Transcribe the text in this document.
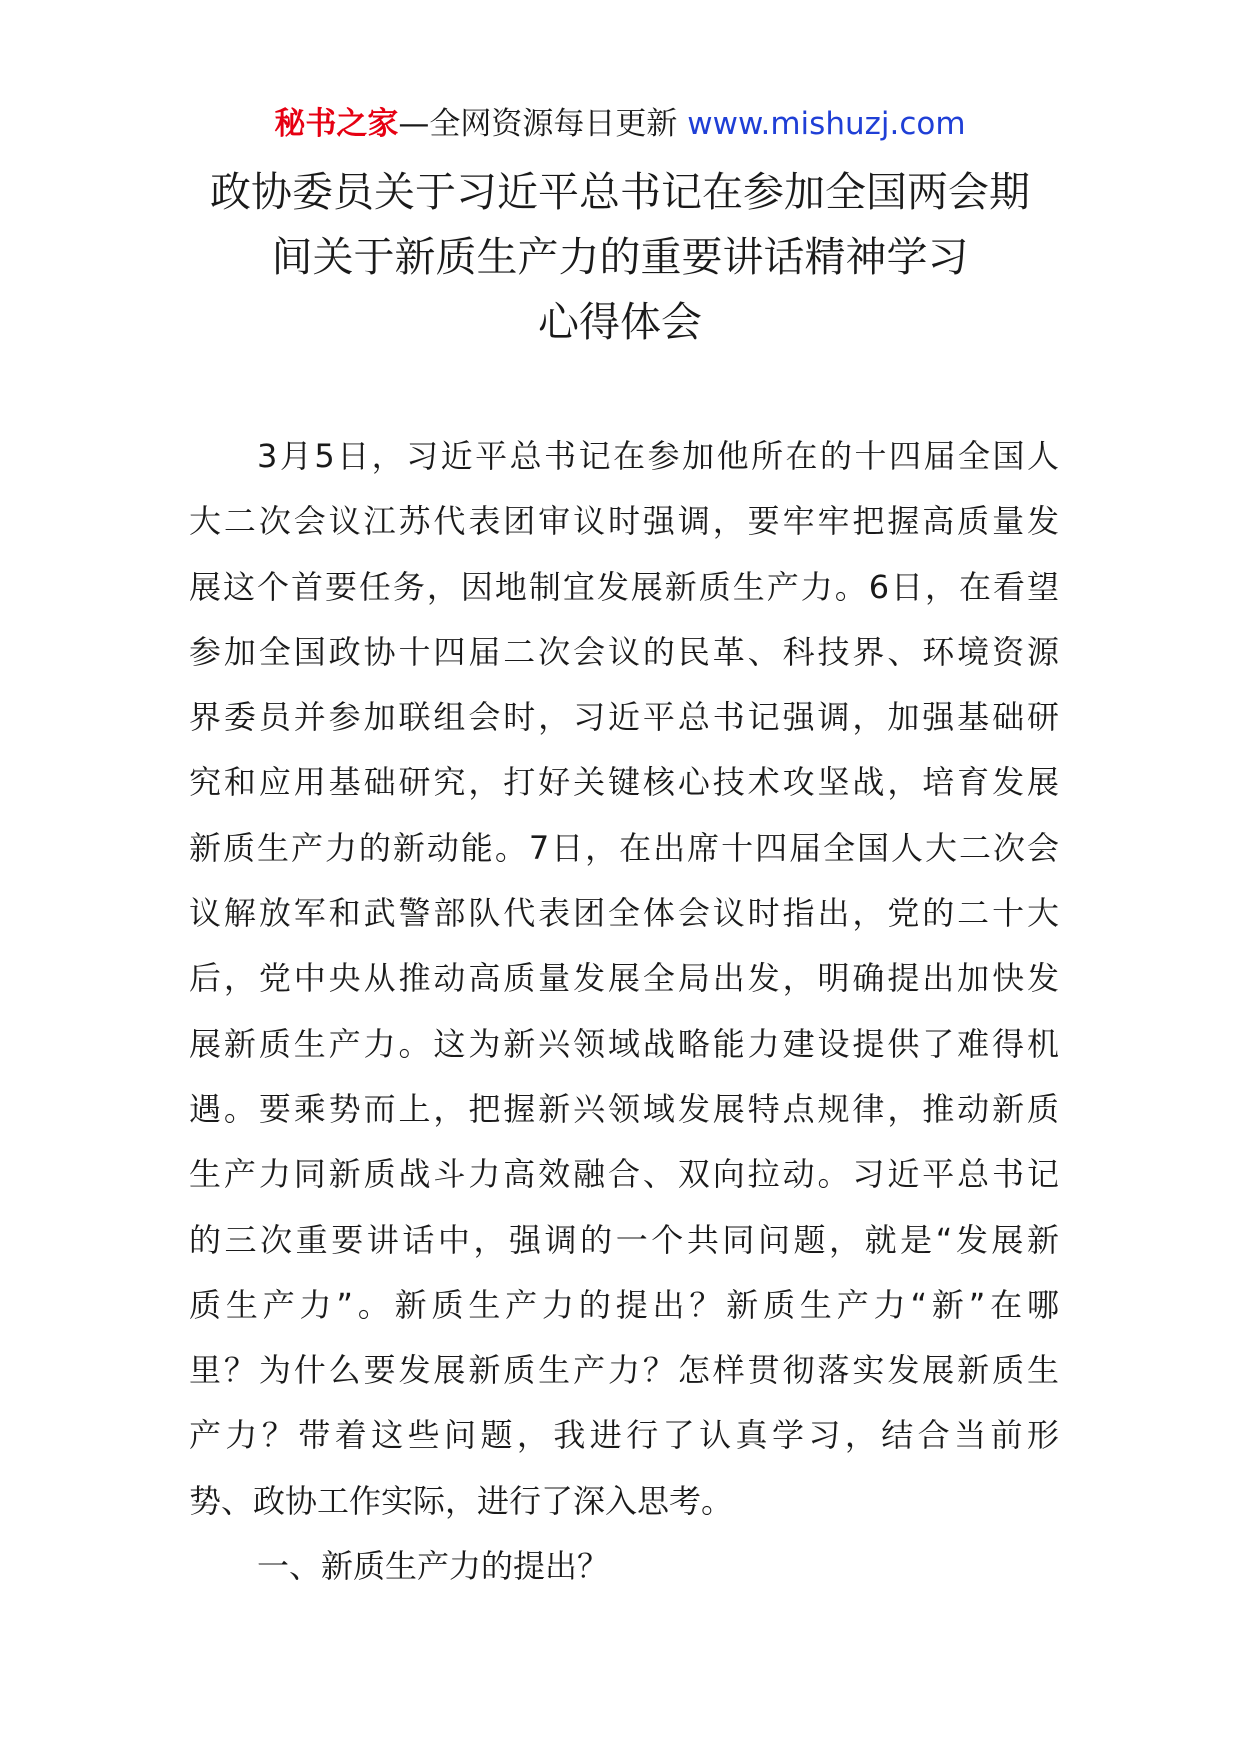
秘书之家—全网资源每日更新 www.mishuzj.com
政协委员关于习近平总书记在参加全国两会期
间关于新质生产力的重要讲话精神学习
心得体会
3月5日，习近平总书记在参加他所在的十四届全国人
大二次会议江苏代表团审议时强调，要牢牢把握高质量发
展这个首要任务，因地制宜发展新质生产力。6日，在看望
参加全国政协十四届二次会议的民革、科技界、环境资源
界委员并参加联组会时，习近平总书记强调，加强基础研
究和应用基础研究，打好关键核心技术攻坚战，培育发展
新质生产力的新动能。7日，在出席十四届全国人大二次会
议解放军和武警部队代表团全体会议时指出，党的二十大
后，党中央从推动高质量发展全局出发，明确提出加快发
展新质生产力。这为新兴领域战略能力建设提供了难得机
遇。要乘势而上，把握新兴领域发展特点规律，推动新质
生产力同新质战斗力高效融合、双向拉动。习近平总书记
的三次重要讲话中，强调的一个共同问题，就是“发展新
质生产力”。新质生产力的提出？新质生产力“新”在哪
里？为什么要发展新质生产力？怎样贯彻落实发展新质生
产力？带着这些问题，我进行了认真学习，结合当前形
势、政协工作实际，进行了深入思考。
一、新质生产力的提出？
